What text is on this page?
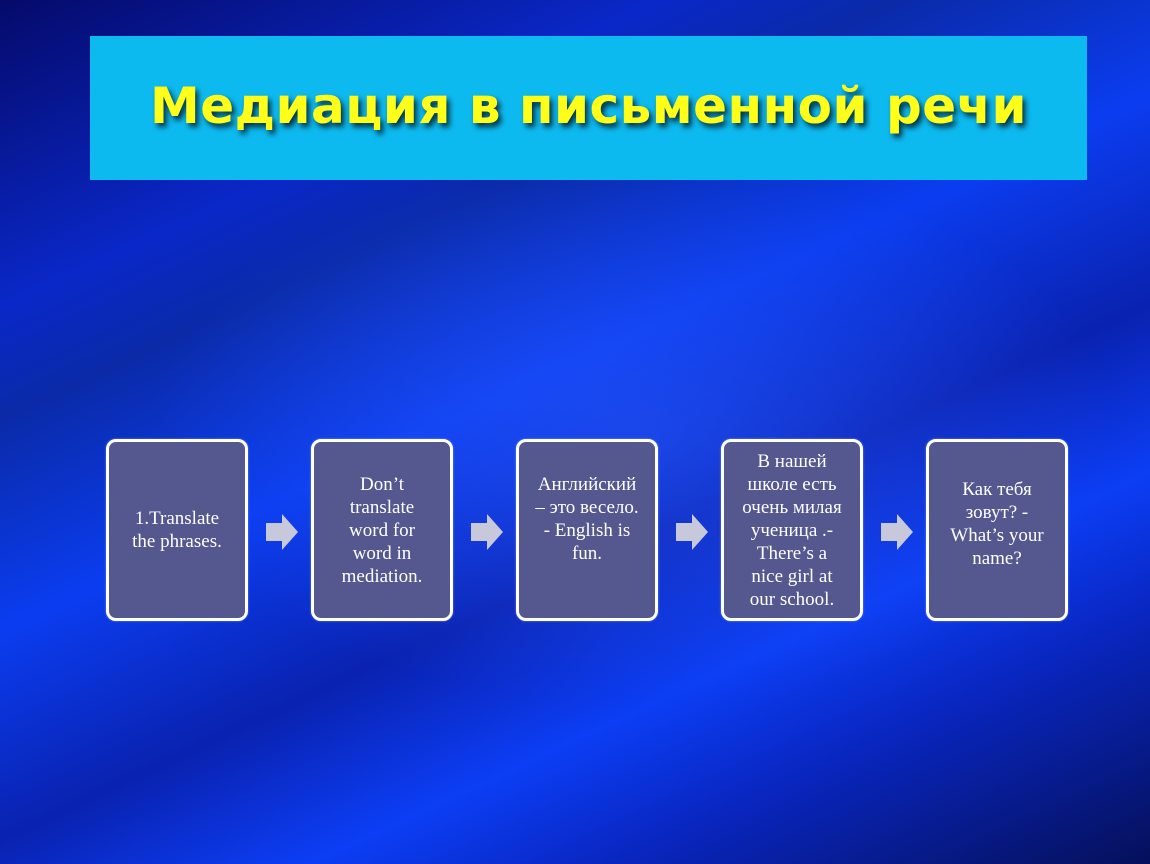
Медиация в письменной речи
1.Translate
the phrases.
Don’t
translate
word for
word in
mediation.
Английский
– это весело.
- English is
fun.
В нашей
школе есть
очень милая
ученица .-
There’s a
nice girl at
our school.
Как тебя
зовут? -
What’s your
name?
